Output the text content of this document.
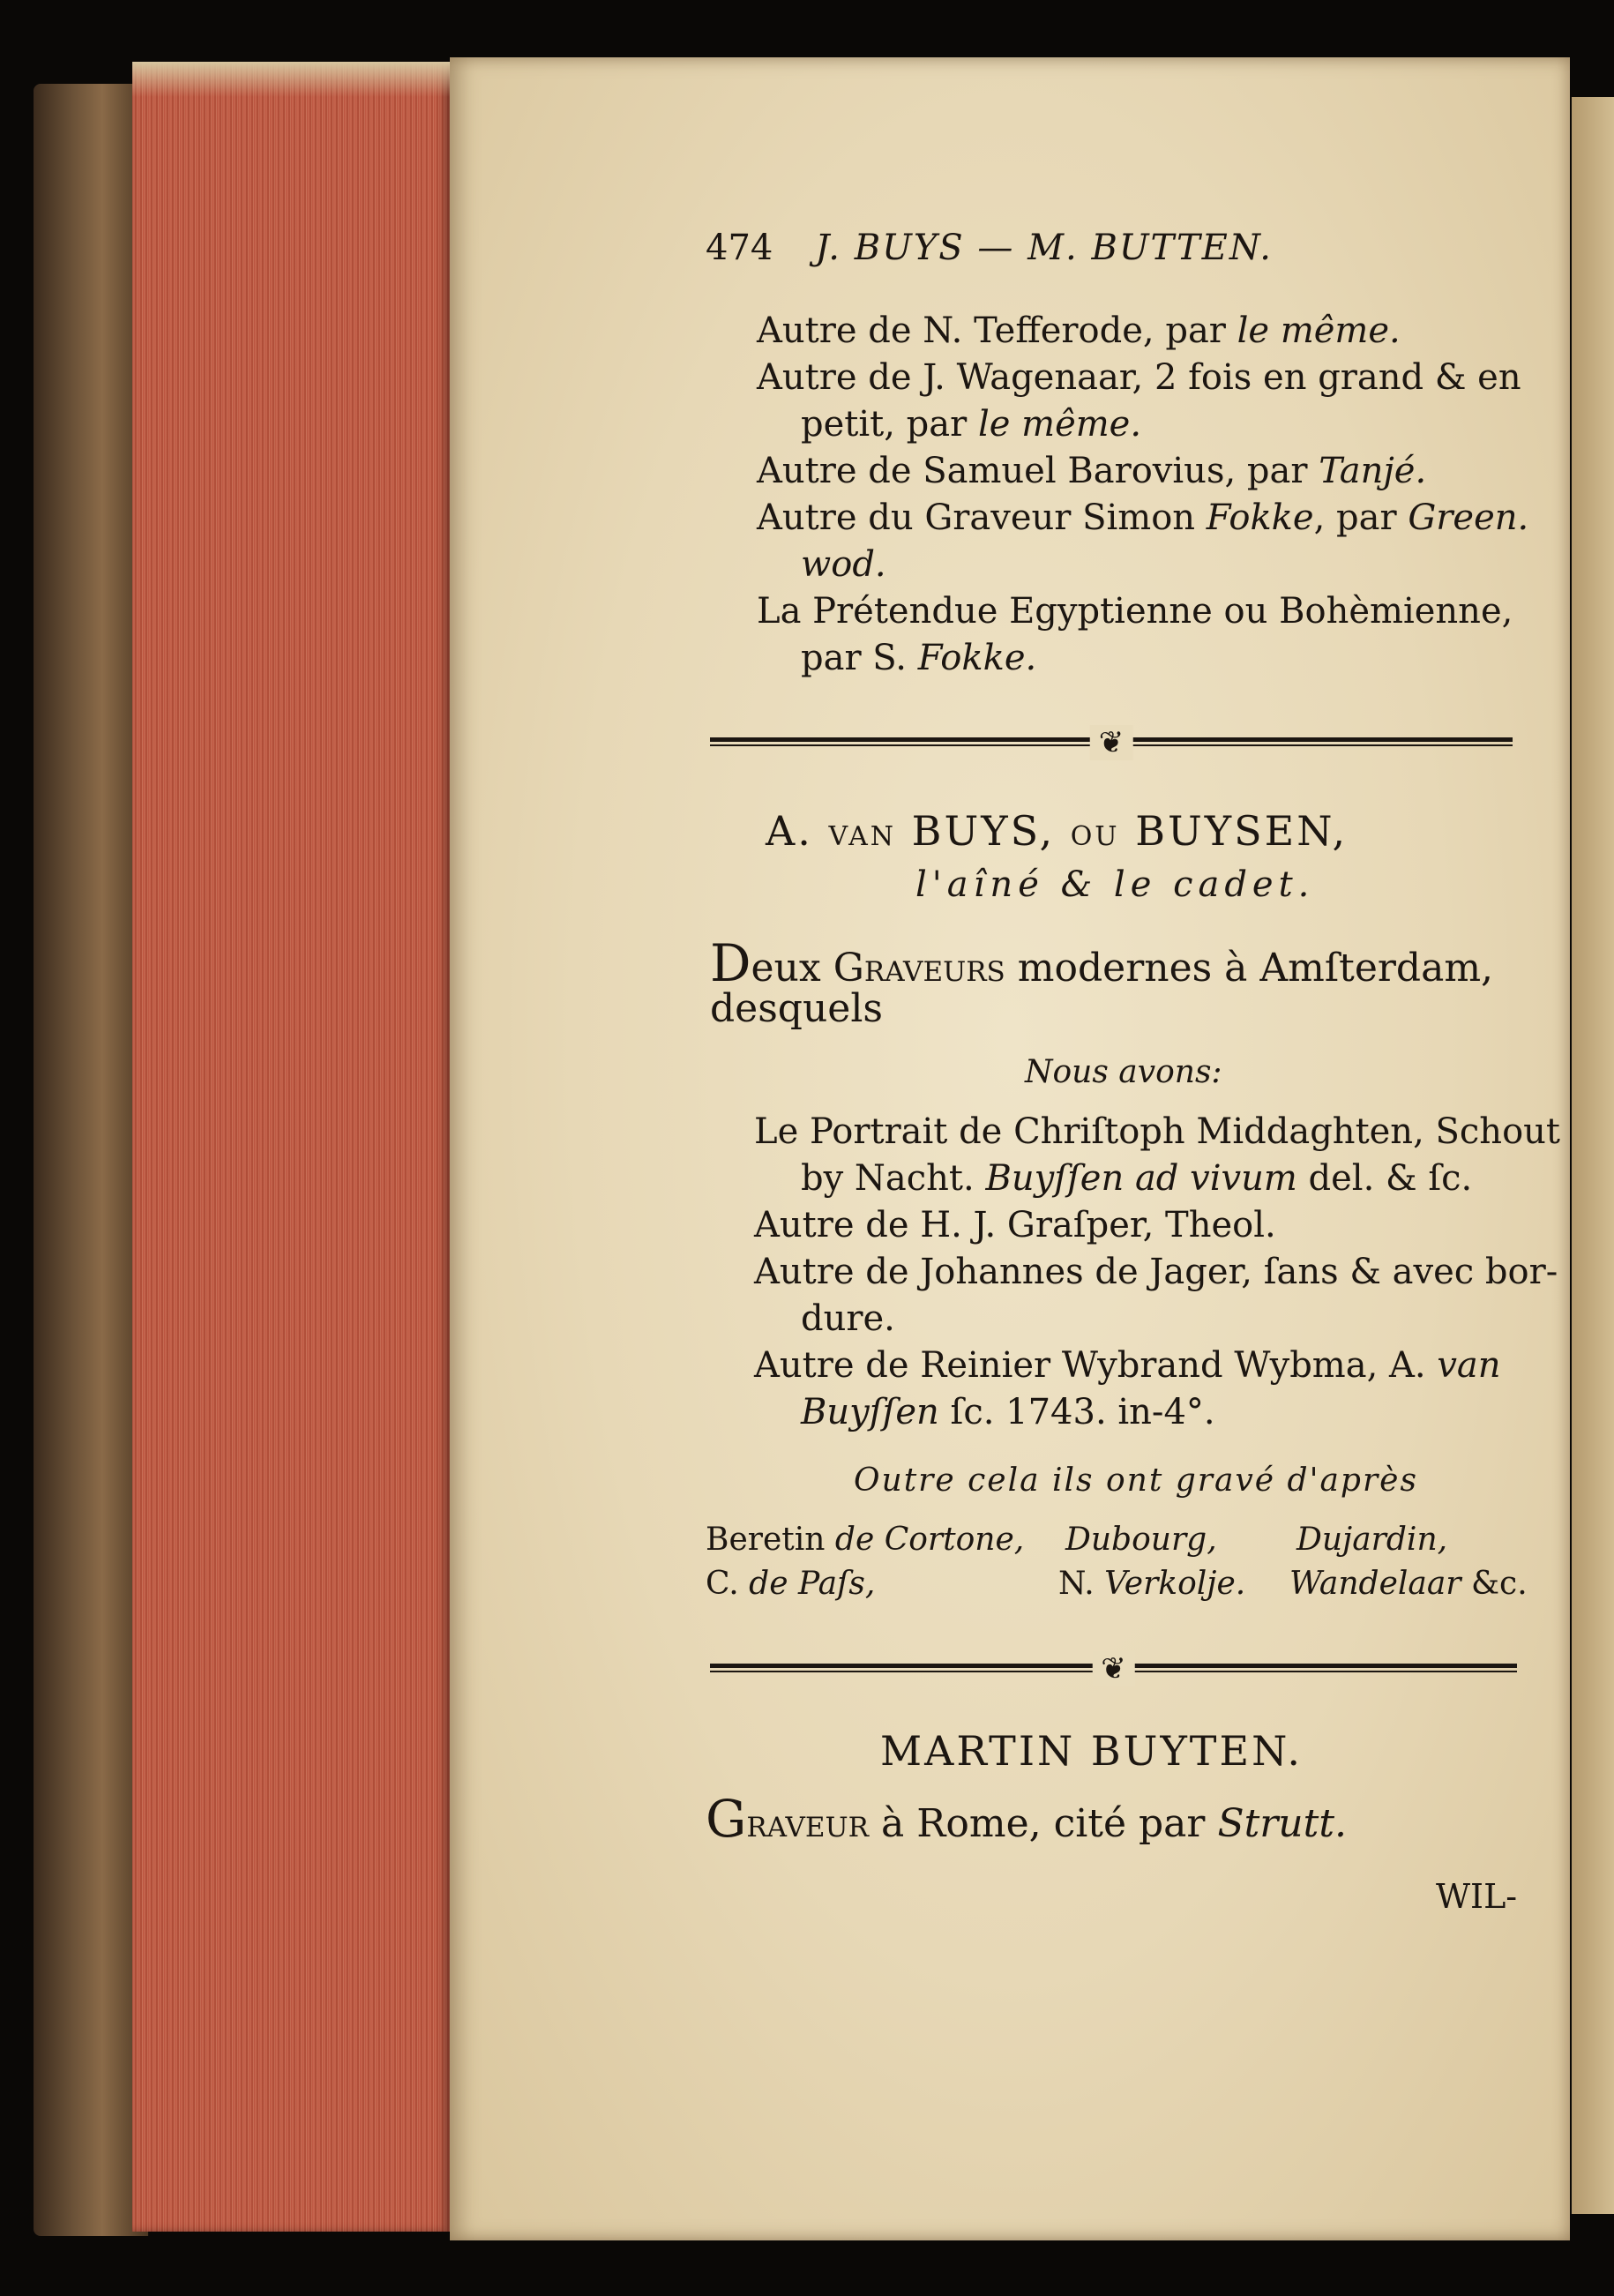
474 J. BUYS — M. BUTTEN.
Autre de N. Tefferode, par le même.
Autre de J. Wagenaar, 2 fois en grand & en
petit, par le même.
Autre de Samuel Barovius, par Tanjé.
Autre du Graveur Simon Fokke, par Green.
wod.
La Prétendue Egyptienne ou Bohèmienne,
par S. Fokke.
❦
A. VAN BUYS, OU BUYSEN,
l'aîné & le cadet.
Deux Graveurs modernes à Amſterdam,
desquels
Nous avons:
Le Portrait de Chriſtoph Middaghten, Schout
by Nacht. Buyſſen ad vivum del. & ſc.
Autre de H. J. Graſper, Theol.
Autre de Johannes de Jager, ſans & avec bor-
dure.
Autre de Reinier Wybrand Wybma, A. van
Buyſſen ſc. 1743. in-4°.
Outre cela ils ont gravé d'après
Beretin de Cortone, Dubourg,	Dujardin,
C. de Paſs,	N. Verkolje. Wandelaar &c.
❦
MARTIN BUYTEN.
Graveur à Rome, cité par Strutt.
WIL-
